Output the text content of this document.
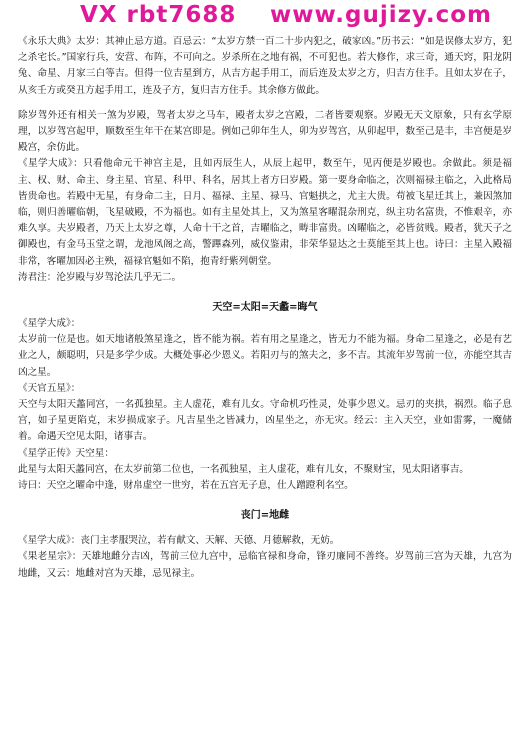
VX rbt7688 www.gujizy.com

《永乐大典》太岁：其神止忌方道。百忌云：“太岁方禁一百二十步内犯之，破家凶。”历书云：“如是误修太岁方，犯之杀宅长。”国家行兵，安营、布阵，不可向之。岁杀所在之地有祸，不可犯也。若大修作，求三奇，通天窍，阳龙阴兔、命星、月家三白等吉。但得一位吉星到方，从吉方起手用工，而后连及太岁之方，归吉方住手。且如太岁在子，从亥壬方或癸丑方起手用工，连及子方，复归吉方住手。其余修方做此。

除岁驾外还有相关一煞为岁殿，驾者太岁之马车，殿者太岁之宫殿，二者皆要观察。岁殿无天文原象，只有玄学原理，以岁驾宫起甲，顺数至生年干在某宫即是。例如己卯年生人，卯为岁驾宫，从卯起甲，数至己是丰，丰宫便是岁殿宫，余仿此。

《星学大成》：只看他命元干神宫主是，且如丙辰生人，从辰上起甲，数至午，见丙便是岁殿也。余做此。须是福主、权、财、命主、身主星、官星、科甲、科名，居其上者方曰岁殿。第一要身命临之，次则福禄主临之，入此格局皆贵命也。若殿中无星，有身命二主，日月、福禄、主星、禄马、官魁拱之，尤主大贵。苟被飞星迁其上，兼因煞加临，则归善曜临朝，飞星破殿，不为福也。如有主星处其上，又为煞星客曜混杂刑克，纵主功名富贵，不惟艰辛，亦难久享。夫岁殿者，乃天上太岁之尊，人命十干之首，吉曜临之，畴非富贵。凶曜临之，必皆贫贱。殿者，犹天子之御殿也，有金马玉堂之谓，龙池凤阁之高，警蹕森列，威仪鉴肃，非荣华显达之士莫能至其上也。诗曰：主星入殿福非常，客曜加因必主殃，福禄官魁如不陷，抱青纡紫列朝堂。

涛君注：沦岁殿与岁驾沦法几乎无二。

天空=太阳=天蠡=晦气

《星学大成》：

太岁前一位是也。如天地诸般煞星逢之，皆不能为祸。若有用之星逢之，皆无力不能为福。身命二星逢之，必是有艺业之人，颇聪明，只是多学少成。大概处事必少恩义。若阳刃与的煞夫之，多不吉。其流年岁驾前一位，亦能空其吉凶之星。

《天官五星》：

天空与太阳天蠡同宫，一名孤独星。主人虚花，难有儿女。守命机巧性灵，处事少恩义。忌刃的夹拱，祸烈。临子息宫，如子星更陷克，末岁损成家子。凡吉星坐之皆减力，凶星坐之，亦无灾。经云：主入天空，业如雷雾，一魔储着。命遇天空见太阳，诸事吉。

《星学正传》天空星：

此星与太阳天蠡同宫，在太岁前第二位也，一名孤独星，主人虚花，难有儿女，不聚财宝，见太阳诸事吉。

诗曰：天空之曜命中逢，财帛虚空一世穷，若在五宫无子息，仕人蹭蹬利名空。

丧门=地雌

《星学大成》：丧门主孝服哭泣，若有献文、天解、天德、月德解救，无妨。

《果老星宗》：天雄地雌分吉凶，驾前三位九宫中，忌临官禄和身命，锋刃廉同不善终。岁驾前三宫为天雄，九宫为地雌，又云：地雌对宫为天雄，忌见禄主。
